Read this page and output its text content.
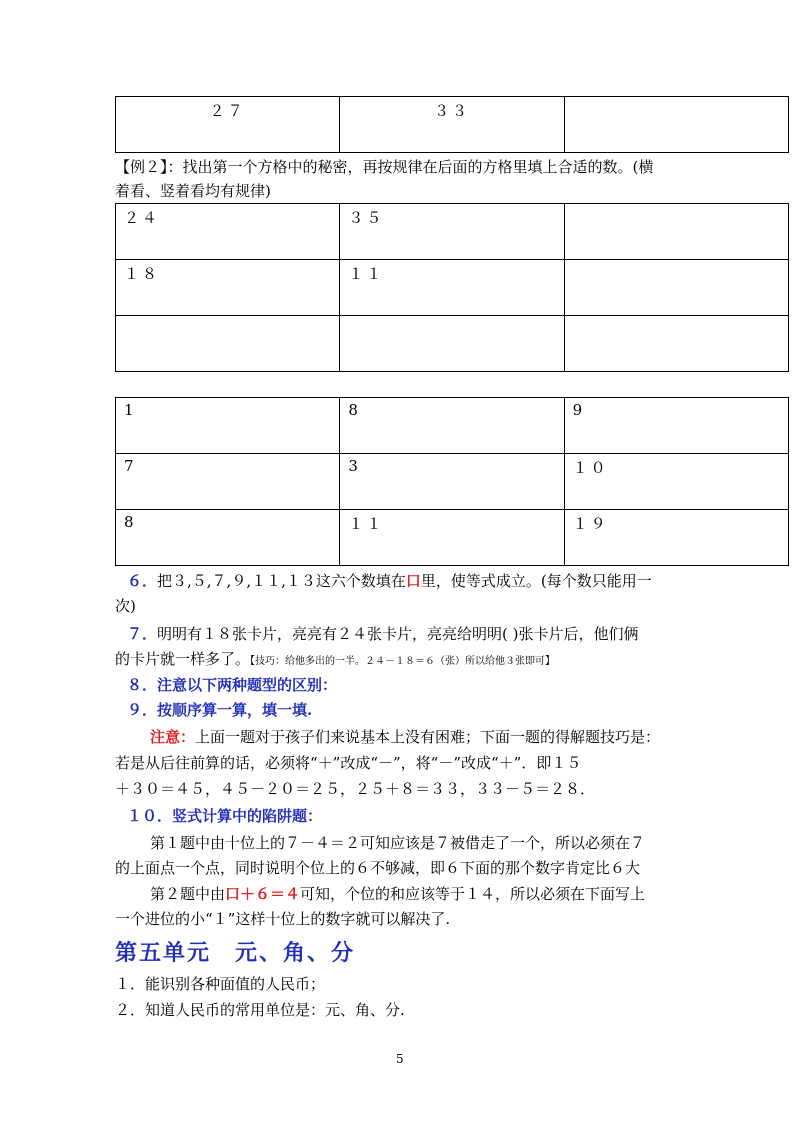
２７	３３	
【例２】：找出第一个方格中的秘密，再按规律在后面的方格里填上合适的数。(横
着看、竖着看均有规律)
２４	３５	
１８	１１	

1	8	9
7	3	１０
8	１１	１９
６．把３,５,７,９,１１,１３这六个数填在口里，使等式成立。(每个数只能用一
次)
７．明明有１８张卡片，亮亮有２４张卡片，亮亮给明明( )张卡片后，他们俩
的卡片就一样多了。【技巧：给他多出的一半。２４－１８＝６（张）所以给他３张即可】
８．注意以下两种题型的区别：
９．按顺序算一算，填一填.
注意：上面一题对于孩子们来说基本上没有困难；下面一题的得解题技巧是：
若是从后往前算的话，必须将“＋”改成“－”，将“－”改成“＋”．即１５
＋３０＝４５，４５－２０＝２５，２５＋８＝３３，３３－５＝２８．
１０．竖式计算中的陷阱题：
第１题中由十位上的７－４＝２可知应该是７被借走了一个，所以必须在７
的上面点一个点，同时说明个位上的６不够减，即６下面的那个数字肯定比６大
第２题中由口＋６＝４可知，个位的和应该等于１４，所以必须在下面写上
一个进位的小“１”这样十位上的数字就可以解决了.
第五单元　元、角、分
１．能识别各种面值的人民币；
２．知道人民币的常用单位是：元、角、分.
5
